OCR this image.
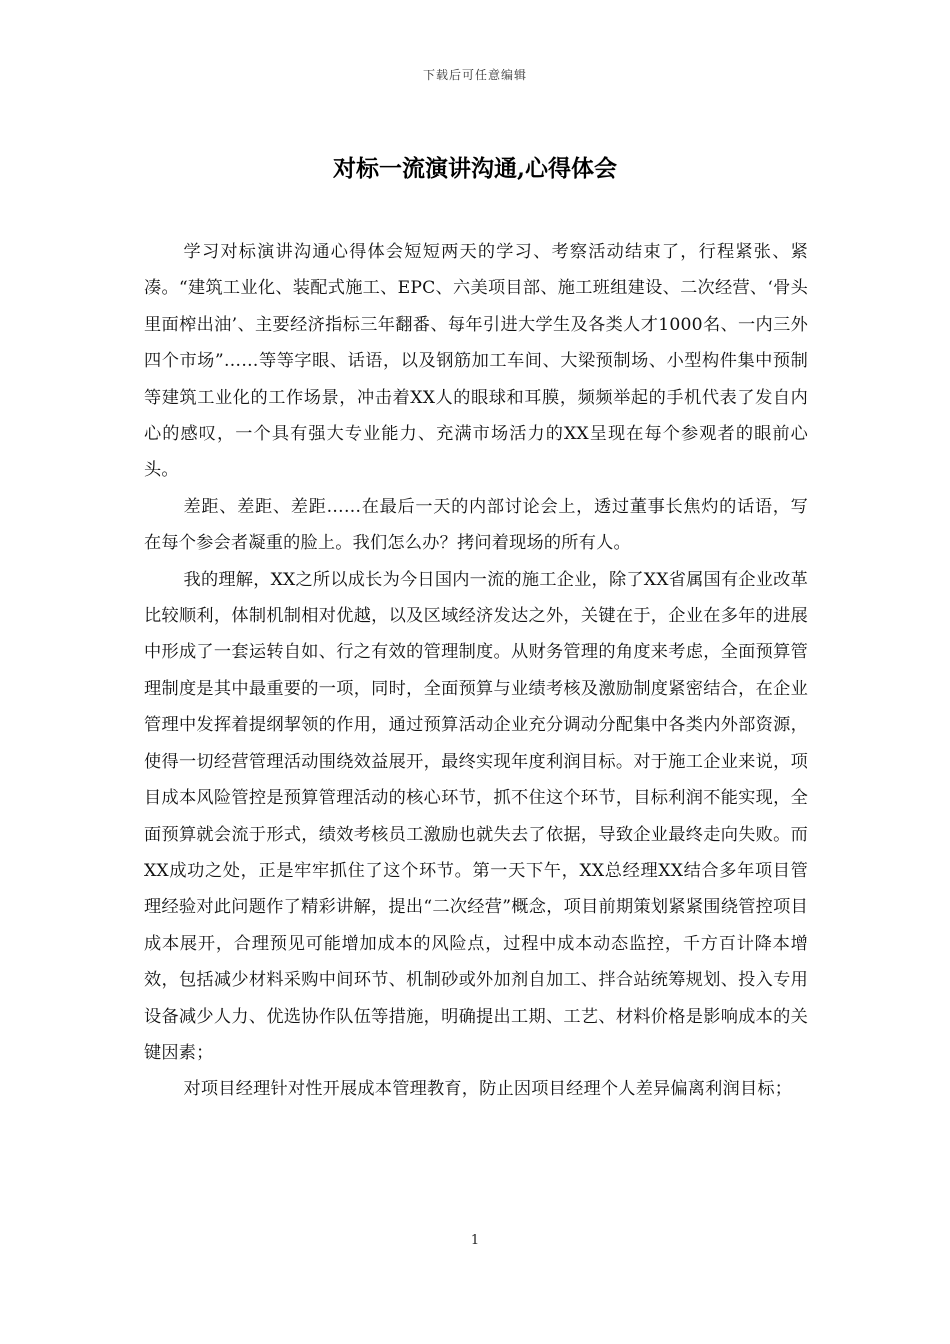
下载后可任意编辑
对标一流演讲沟通,心得体会

学习对标演讲沟通心得体会短短两天的学习、考察活动结束了，行程紧张、紧凑。“建筑工业化、装配式施工、EPC、六美项目部、施工班组建设、二次经营、‘骨头里面榨出油’、主要经济指标三年翻番、每年引进大学生及各类人才1000名、一内三外四个市场”……等等字眼、话语，以及钢筋加工车间、大梁预制场、小型构件集中预制等建筑工业化的工作场景，冲击着XX人的眼球和耳膜，频频举起的手机代表了发自内心的感叹，一个具有强大专业能力、充满市场活力的XX呈现在每个参观者的眼前心头。

差距、差距、差距……在最后一天的内部讨论会上，透过董事长焦灼的话语，写在每个参会者凝重的脸上。我们怎么办？拷问着现场的所有人。

我的理解，XX之所以成长为今日国内一流的施工企业，除了XX省属国有企业改革比较顺利，体制机制相对优越，以及区域经济发达之外，关键在于，企业在多年的进展中形成了一套运转自如、行之有效的管理制度。从财务管理的角度来考虑，全面预算管理制度是其中最重要的一项，同时，全面预算与业绩考核及激励制度紧密结合，在企业管理中发挥着提纲挈领的作用，通过预算活动企业充分调动分配集中各类内外部资源，使得一切经营管理活动围绕效益展开，最终实现年度利润目标。对于施工企业来说，项目成本风险管控是预算管理活动的核心环节，抓不住这个环节，目标利润不能实现，全面预算就会流于形式，绩效考核员工激励也就失去了依据，导致企业最终走向失败。而XX成功之处，正是牢牢抓住了这个环节。第一天下午，XX总经理XX结合多年项目管理经验对此问题作了精彩讲解，提出“二次经营”概念，项目前期策划紧紧围绕管控项目成本展开，合理预见可能增加成本的风险点，过程中成本动态监控，千方百计降本增效，包括减少材料采购中间环节、机制砂或外加剂自加工、拌合站统筹规划、投入专用设备减少人力、优选协作队伍等措施，明确提出工期、工艺、材料价格是影响成本的关键因素；

对项目经理针对性开展成本管理教育，防止因项目经理个人差异偏离利润目标；

1
